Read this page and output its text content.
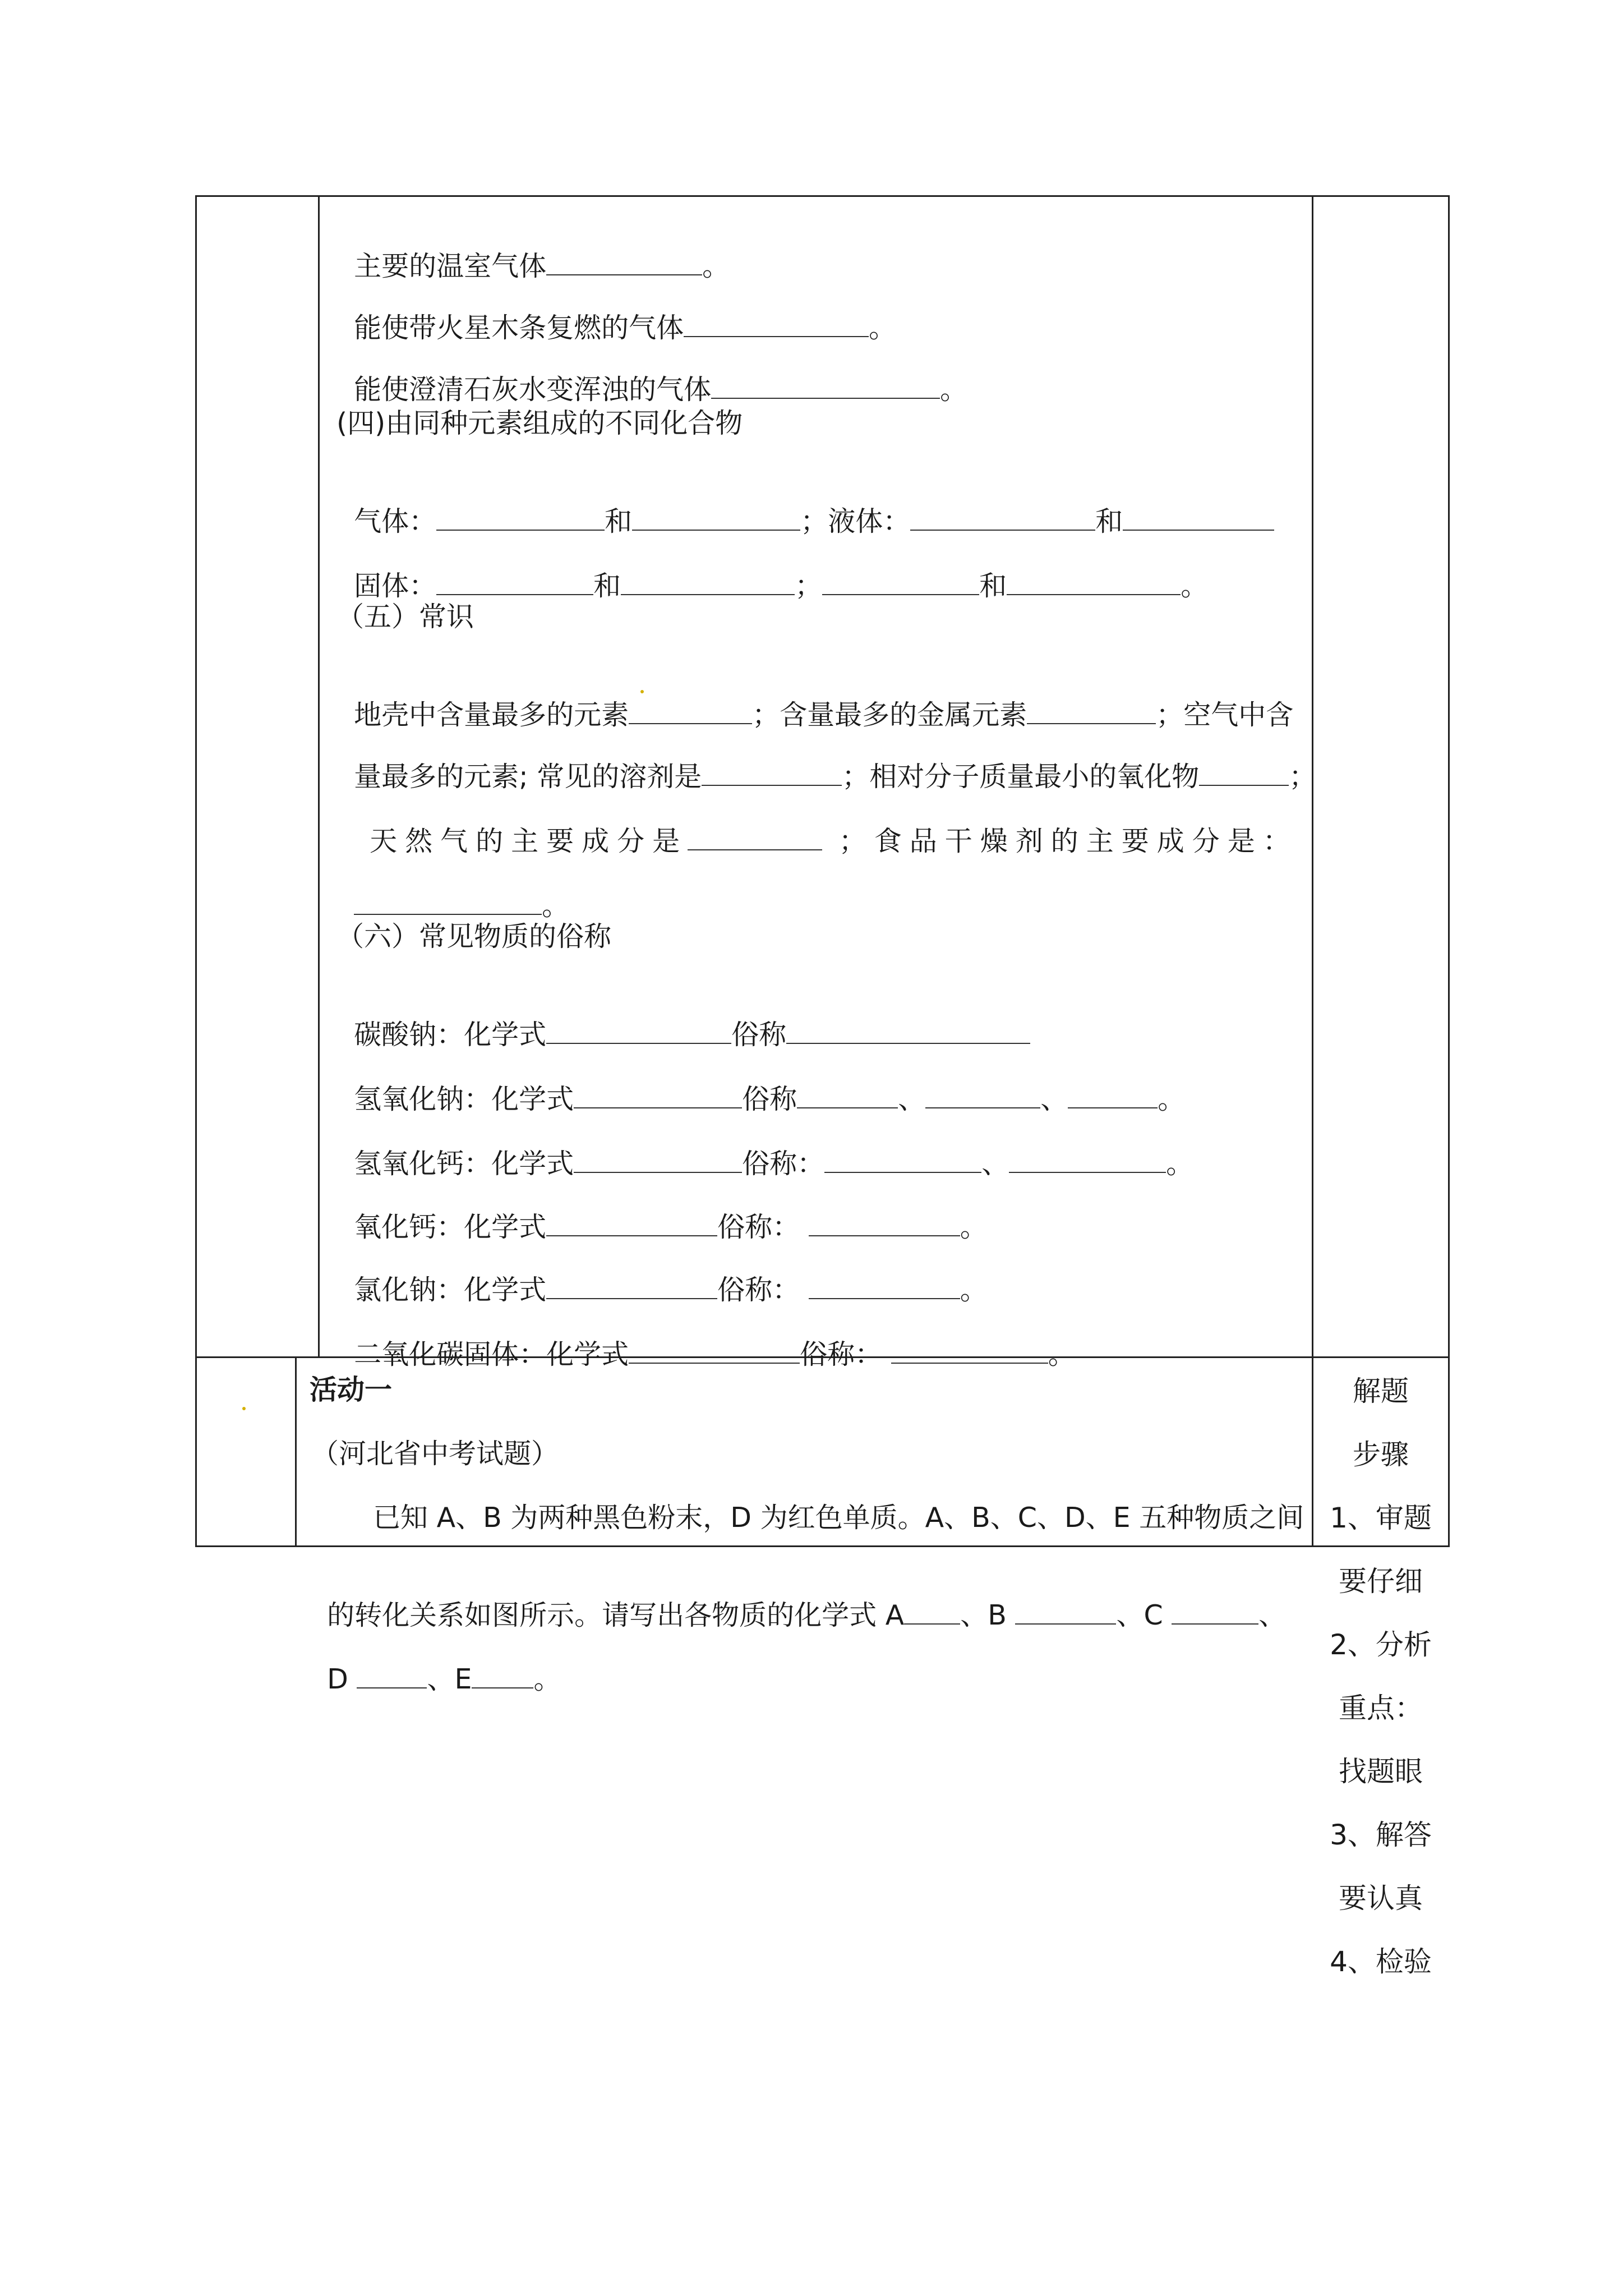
主要的温室气体	。

能使带火星木条复燃的气体	。

能使澄清石灰水变浑浊的气体	。

(四)由同种元素组成的不同化合物

气体：	和	；液体：	和

固体：	和	；	和	。

（五）常识

地壳中含量最多的元素	；含量最多的金属元素	；空气中含

量最多的元素; 常见的溶剂是	；相对分子质量最小的氧化物	；

天然气的主要成分是	；食品干燥剂的主要成分是：

。

（六）常见物质的俗称

碳酸钠：化学式	俗称

氢氧化钠：化学式	俗称	、	、	。

氢氧化钙：化学式	俗称：	、	。

氧化钙：化学式	俗称：	。

氯化钠：化学式	俗称：	。

二氧化碳固体：化学式	俗称：	。

活动一
（河北省中考试题）
已知 A、B 为两种黑色粉末，D 为红色单质。A、B、C、D、E 五种物质之间

的转化关系如图所示。请写出各物质的化学式 A 、B	、C	、

D	、E 。

解题
步骤
1、审题
要仔细
2、分析
重点：
找题眼
3、解答
要认真
4、检验
